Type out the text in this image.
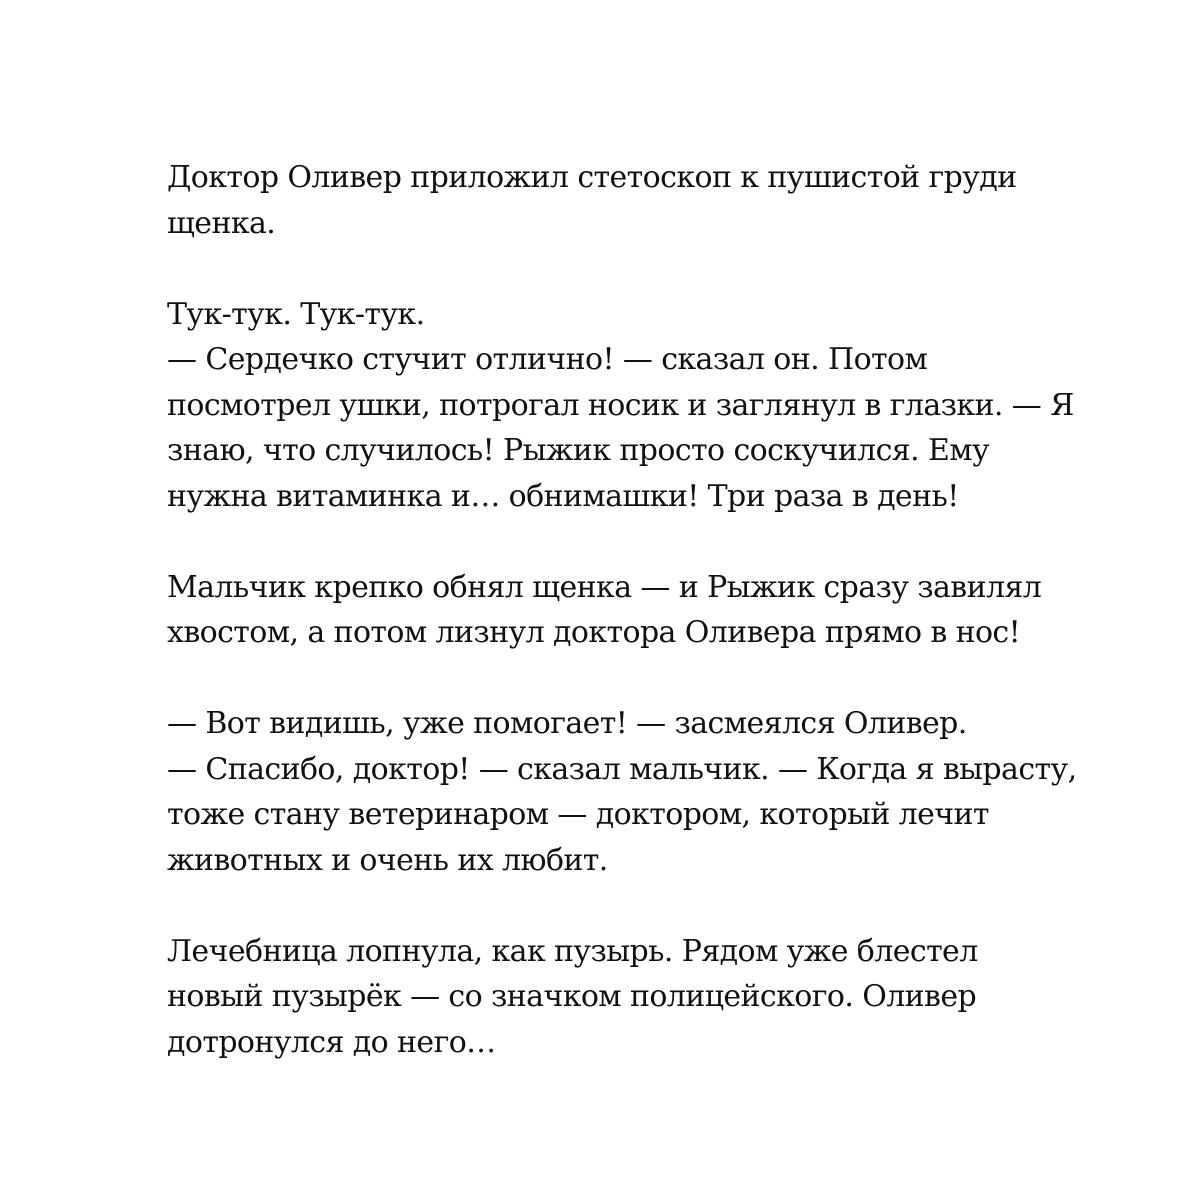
Доктор Оливер приложил стетоскоп к пушистой груди
щенка.

Тук-тук. Тук-тук.
— Сердечко стучит отлично! — сказал он. Потом
посмотрел ушки, потрогал носик и заглянул в глазки. — Я
знаю, что случилось! Рыжик просто соскучился. Ему
нужна витаминка и… обнимашки! Три раза в день!

Мальчик крепко обнял щенка — и Рыжик сразу завилял
хвостом, а потом лизнул доктора Оливера прямо в нос!

— Вот видишь, уже помогает! — засмеялся Оливер.
— Спасибо, доктор! — сказал мальчик. — Когда я вырасту,
тоже стану ветеринаром — доктором, который лечит
животных и очень их любит.

Лечебница лопнула, как пузырь. Рядом уже блестел
новый пузырёк — со значком полицейского. Оливер
дотронулся до него…
